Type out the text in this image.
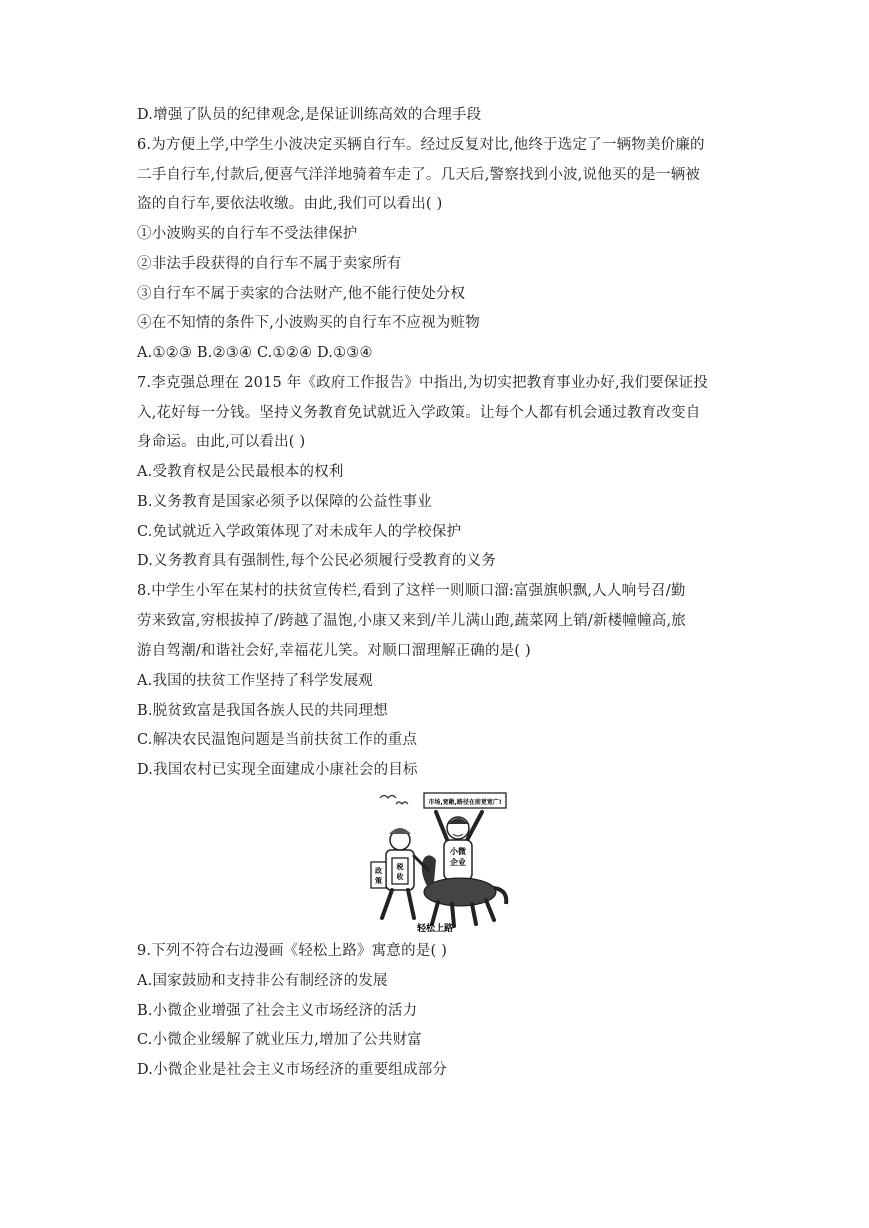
D.增强了队员的纪律观念,是保证训练高效的合理手段
6.为方便上学,中学生小波决定买辆自行车。经过反复对比,他终于选定了一辆物美价廉的
二手自行车,付款后,便喜气洋洋地骑着车走了。几天后,警察找到小波,说他买的是一辆被
盗的自行车,要依法收缴。由此,我们可以看出( )
①小波购买的自行车不受法律保护
②非法手段获得的自行车不属于卖家所有
③自行车不属于卖家的合法财产,他不能行使处分权
④在不知情的条件下,小波购买的自行车不应视为赃物
A.①②③ B.②③④ C.①②④ D.①③④
7.李克强总理在 2015 年《政府工作报告》中指出,为切实把教育事业办好,我们要保证投
入,花好每一分钱。坚持义务教育免试就近入学政策。让每个人都有机会通过教育改变自
身命运。由此,可以看出( )
A.受教育权是公民最根本的权利
B.义务教育是国家必须予以保障的公益性事业
C.免试就近入学政策体现了对未成年人的学校保护
D.义务教育具有强制性,每个公民必须履行受教育的义务
8.中学生小军在某村的扶贫宣传栏,看到了这样一则顺口溜:富强旗帜飘,人人响号召/勤
劳来致富,穷根拔掉了/跨越了温饱,小康又来到/羊儿满山跑,蔬菜网上销/新楼幢幢高,旅
游自驾潮/和谐社会好,幸福花儿笑。对顺口溜理解正确的是( )
A.我国的扶贫工作坚持了科学发展观
B.脱贫致富是我国各族人民的共同理想
C.解决农民温饱问题是当前扶贫工作的重点
D.我国农村已实现全面建成小康社会的目标
市场,宽敞,路径在前更宽广!
小微
企业
政
策
税
收
轻松上路
9.下列不符合右边漫画《轻松上路》寓意的是( )
A.国家鼓励和支持非公有制经济的发展
B.小微企业增强了社会主义市场经济的活力
C.小微企业缓解了就业压力,增加了公共财富
D.小微企业是社会主义市场经济的重要组成部分
